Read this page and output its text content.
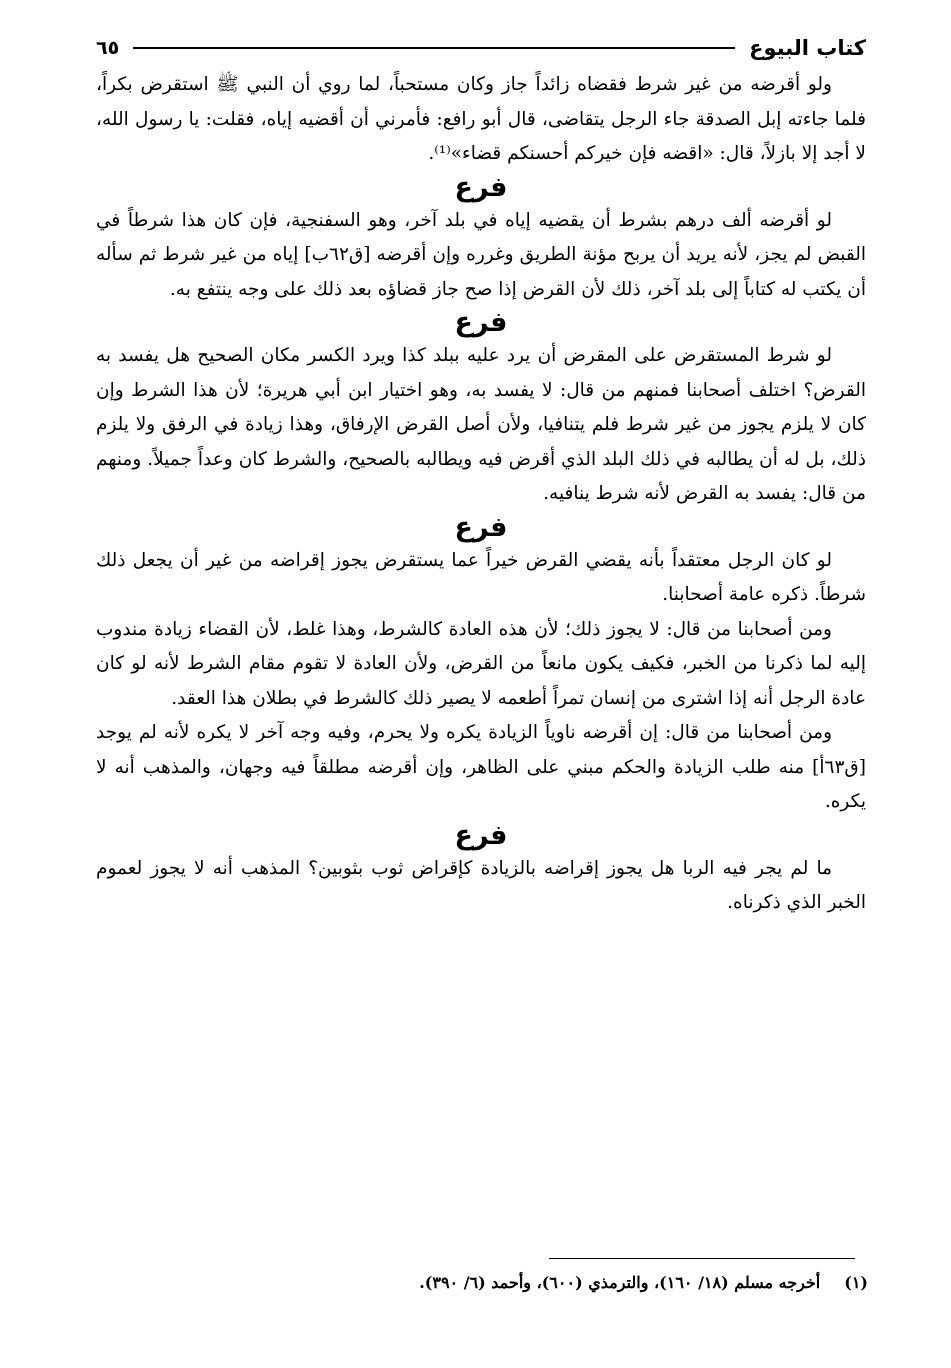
كتاب البيوع
٦٥

ولو أقرضه من غير شرط فقضاه زائداً جاز وكان مستحباً، لما روي أن النبي ﷺ استقرض بكراً، فلما جاءته إبل الصدقة جاء الرجل يتقاضى، قال أبو رافع: فأمرني أن أقضيه إياه، فقلت: يا رسول الله، لا أجد إلا بازلاً، قال: «اقضه فإن خيركم أحسنكم قضاء»⁽¹⁾.

فرع

لو أقرضه ألف درهم بشرط أن يقضيه إياه في بلد آخر، وهو السفنجية، فإن كان هذا شرطاً في القبض لم يجز، لأنه يريد أن يربح مؤنة الطريق وغرره وإن أقرضه [ق٦٢ب] إياه من غير شرط ثم سأله أن يكتب له كتاباً إلى بلد آخر، ذلك لأن القرض إذا صح جاز قضاؤه بعد ذلك على وجه ينتفع به.

فرع

لو شرط المستقرض على المقرض أن يرد عليه ببلد كذا ويرد الكسر مكان الصحيح هل يفسد به القرض؟ اختلف أصحابنا فمنهم من قال: لا يفسد به، وهو اختيار ابن أبي هريرة؛ لأن هذا الشرط وإن كان لا يلزم يجوز من غير شرط فلم يتنافيا، ولأن أصل القرض الإرفاق، وهذا زيادة في الرفق ولا يلزم ذلك، بل له أن يطالبه في ذلك البلد الذي أقرض فيه ويطالبه بالصحيح، والشرط كان وعداً جميلاً. ومنهم من قال: يفسد به القرض لأنه شرط ينافيه.

فرع

لو كان الرجل معتقداً بأنه يقضي القرض خيراً عما يستقرض يجوز إقراضه من غير أن يجعل ذلك شرطاً. ذكره عامة أصحابنا.

ومن أصحابنا من قال: لا يجوز ذلك؛ لأن هذه العادة كالشرط، وهذا غلط، لأن القضاء زيادة مندوب إليه لما ذكرنا من الخبر، فكيف يكون مانعاً من القرض، ولأن العادة لا تقوم مقام الشرط لأنه لو كان عادة الرجل أنه إذا اشترى من إنسان تمراً أطعمه لا يصير ذلك كالشرط في بطلان هذا العقد.

ومن أصحابنا من قال: إن أقرضه ناوياً الزيادة يكره ولا يحرم، وفيه وجه آخر لا يكره لأنه لم يوجد [ق٦٣أ] منه طلب الزيادة والحكم مبني على الظاهر، وإن أقرضه مطلقاً فيه وجهان، والمذهب أنه لا يكره.

فرع

ما لم يجر فيه الربا هل يجوز إقراضه بالزيادة كإقراض ثوب بثوبين؟ المذهب أنه لا يجوز لعموم الخبر الذي ذكرناه.

(١)أخرجه مسلم (١٨/ ١٦٠)، والترمذي (٦٠٠)، وأحمد (٦/ ٣٩٠).
